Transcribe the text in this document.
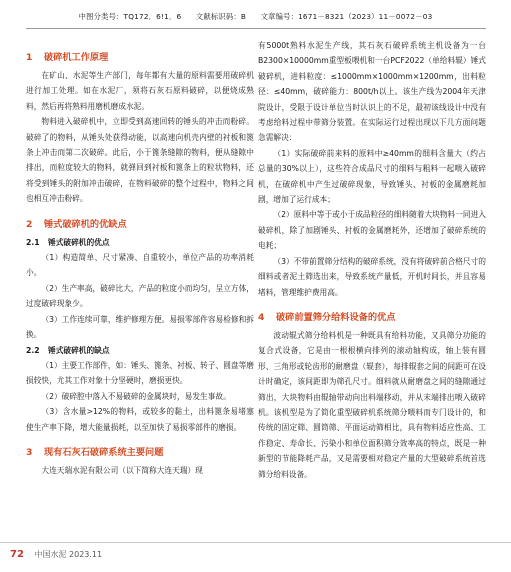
中图分类号：TQ172．6!1．6 文献标识码：B 文章编号：1671－8321（2023）11－0072－03
1 破碎机工作原理

在矿山、水泥等生产部门，每年都有大量的原料需要用破碎机进行加工处理。如在水泥厂，须将石灰石原料破碎，以便烧成熟料，然后再将熟料用磨机磨成水泥。

物料进入破碎机中，立即受到高速回转的锤头的冲击而粉碎。破碎了的物料，从锤头处获得动能，以高速向机壳内壁的衬板和篦条上冲击而第二次破碎。此后，小于篦条缝隙的物料，便从缝隙中排出，而粒度较大的物料，就弹回到衬板和篦条上的粒状物料，还将受到锤头的附加冲击破碎，在物料破碎的整个过程中，物料之间也相互冲击粉碎。

2 锤式破碎机的优缺点
2.1 锤式破碎机的优点

（1）构造简单、尺寸紧凑、自重较小，单位产品的功率消耗小。

（2）生产率高，破碎比大，产品的粒度小而均匀，呈立方体，过度破碎现象少。

（3）工作连续可靠，维护修理方便。易损零部件容易检修和拆换。

2.2 锤式破碎机的缺点

（1）主要工作部件，如：锤头、篦条、衬板、转子、圆盘等磨损较快，尤其工作对象十分坚硬时，磨损更快。

（2）破碎腔中落入不易破碎的金属块时，易发生事故。

（3）含水量>12%的物料，或较多的黏土，出料篦条易堵塞使生产率下降，增大能量损耗，以至加快了易损零部件的磨损。

3 现有石灰石破碎系统主要问题

大连天瑞水泥有限公司（以下简称大连天瑞）现

有5000t熟料水泥生产线，其石灰石破碎系统主机设备为一台B2300×10000mm重型板喂机和一台PCF2022（单给料辊）锤式破碎机，进料粒度：≤1000mm×1000mm×1200mm，出料粒径：≤40mm，破碎能力：800t/h以上。该生产线为2004年天津院设计，受限于设计单位当时认识上的不足，最初该线设计中没有考虑给料过程中带筛分装置。在实际运行过程出现以下几方面问题急需解决：

（1）实际破碎前来料的原料中≥40mm的细料含量大（约占总量的30%以上），这些符合成品尺寸的细料与粗料一起喂入破碎机，在破碎机中产生过破碎现象，导致锤头、衬板的金属磨耗加剧，增加了运行成本；

（2）原料中等于或小于成品粒径的细料随着大块物料一同进入破碎机，除了加剧锤头、衬板的金属磨耗外，还增加了破碎系统的电耗；

（3）不带前置筛分结构的破碎系统，没有将破碎前合格尺寸的细料或者泥土筛选出来，导致系统产量低，开机时间长，并且容易堵料，管理维护费用高。

4 破碎前置筛分给料设备的优点

波动辊式筛分给料机是一种既具有给料功能，又具筛分功能的复合式设备，它是由一根根横向排列的滚动轴构成，轴上装有圆形、三角形或轮齿形的耐磨盘（辊套），每排辊套之间的间距可在设计时确定，该间距即为筛孔尺寸。细料就从耐磨盘之间的缝隙通过筛出，大块物料由辊轴带动向出料端移动，并从末端排出喂入破碎机。该机型是为了简化重型破碎机系统筛分喂料而专门设计的，和传统的固定筛、圆筒筛、平面运动筛相比，具有物料适应性高、工作稳定、寿命长、污染小和单位面积筛分效率高的特点，既是一种新型的节能降耗产品，又是需要相对稳定产量的大型破碎系统首选筛分给料设备。

72 中国水泥 2023.11
